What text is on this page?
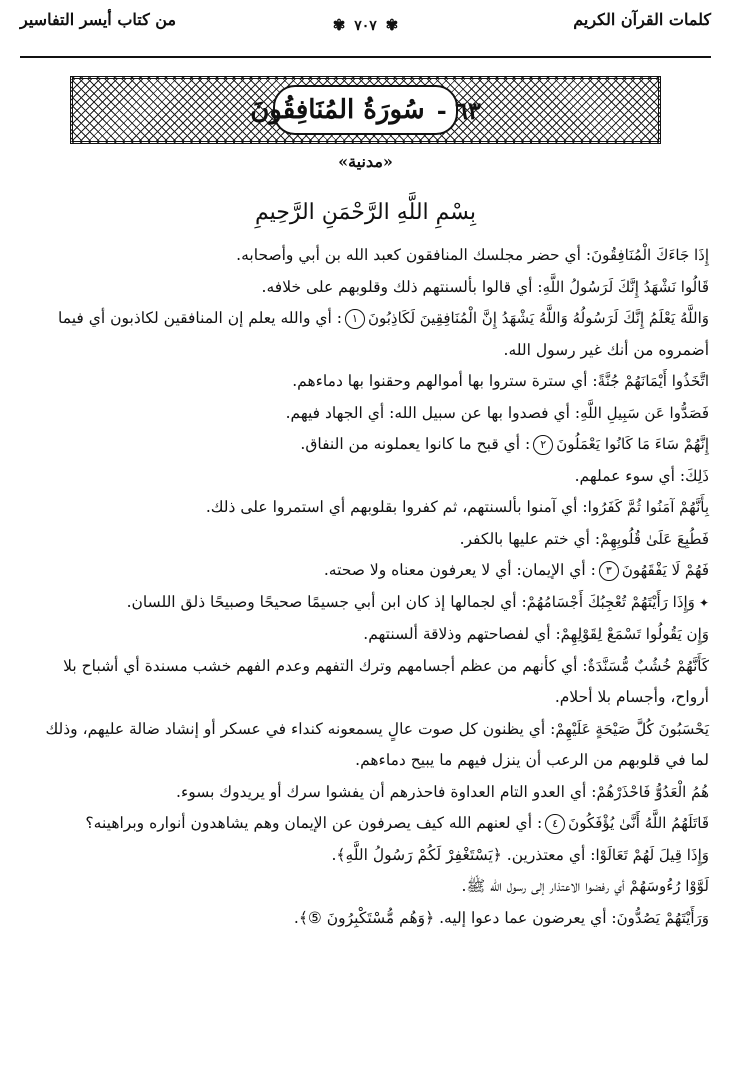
كلمات القرآن الكريم
✾ ٧٠٧ ✾
من كتاب أيسر التفاسير
٦٣ -
سُورَةُ المُنَافِقُونَ
«مدنية»
بِسْمِ اللَّهِ الرَّحْمَنِ الرَّحِيمِ

إِذَا جَاءَكَ الْمُنَافِقُونَ: أي حضر مجلسك المنافقون كعبد الله بن أبي وأصحابه.

قَالُوا نَشْهَدُ إِنَّكَ لَرَسُولُ اللَّهِ: أي قالوا بألسنتهم ذلك وقلوبهم على خلافه.

وَاللَّهُ يَعْلَمُ إِنَّكَ لَرَسُولُهُ وَاللَّهُ يَشْهَدُ إِنَّ الْمُنَافِقِينَ لَكَاذِبُونَ١: أي والله يعلم إن المنافقين لكاذبون أي فيما أضمروه من أنك غير رسول الله.

اتَّخَذُوا أَيْمَانَهُمْ جُنَّةً: أي سترة ستروا بها أموالهم وحقنوا بها دماءهم.

فَصَدُّوا عَن سَبِيلِ اللَّهِ: أي فصدوا بها عن سبيل الله: أي الجهاد فيهم.

إِنَّهُمْ سَاءَ مَا كَانُوا يَعْمَلُونَ٢: أي قبح ما كانوا يعملونه من النفاق.

ذَلِكَ: أي سوء عملهم.

بِأَنَّهُمْ آمَنُوا ثُمَّ كَفَرُوا: أي آمنوا بألسنتهم، ثم كفروا بقلوبهم أي استمروا على ذلك.

فَطُبِعَ عَلَىٰ قُلُوبِهِمْ: أي ختم عليها بالكفر.

فَهُمْ لَا يَفْقَهُونَ٣: أي الإيمان: أي لا يعرفون معناه ولا صحته.

✦وَإِذَا رَأَيْتَهُمْ تُعْجِبُكَ أَجْسَامُهُمْ: أي لجمالها إذ كان ابن أبي جسيمًا صحيحًا وصبيحًا ذلق اللسان.

وَإِن يَقُولُوا تَسْمَعْ لِقَوْلِهِمْ: أي لفصاحتهم وذلاقة ألسنتهم.

كَأَنَّهُمْ خُشُبٌ مُّسَنَّدَةٌ: أي كأنهم من عظم أجسامهم وترك التفهم وعدم الفهم خشب مسندة أي أشباح بلا أرواح، وأجسام بلا أحلام.

يَحْسَبُونَ كُلَّ صَيْحَةٍ عَلَيْهِمْ: أي يظنون كل صوت عالٍ يسمعونه كنداء في عسكر أو إنشاد ضالة عليهم، وذلك لما في قلوبهم من الرعب أن ينزل فيهم ما يبيح دماءهم.

هُمُ الْعَدُوُّ فَاحْذَرْهُمْ: أي العدو التام العداوة فاحذرهم أن يفشوا سرك أو يريدوك بسوء.

قَاتَلَهُمُ اللَّهُ أَنَّىٰ يُؤْفَكُونَ٤: أي لعنهم الله كيف يصرفون عن الإيمان وهم يشاهدون أنواره وبراهينه؟

وَإِذَا قِيلَ لَهُمْ تَعَالَوْا: أي معتذرين. ﴿يَسْتَغْفِرْ لَكُمْ رَسُولُ اللَّهِ﴾.

لَوَّوْا رُءُوسَهُمْ أي رفضوا الاعتذار إلى رسول الله ﷺ.

وَرَأَيْتَهُمْ يَصُدُّونَ: أي يعرضون عما دعوا إليه. ﴿وَهُم مُّسْتَكْبِرُونَ ⑤﴾.
